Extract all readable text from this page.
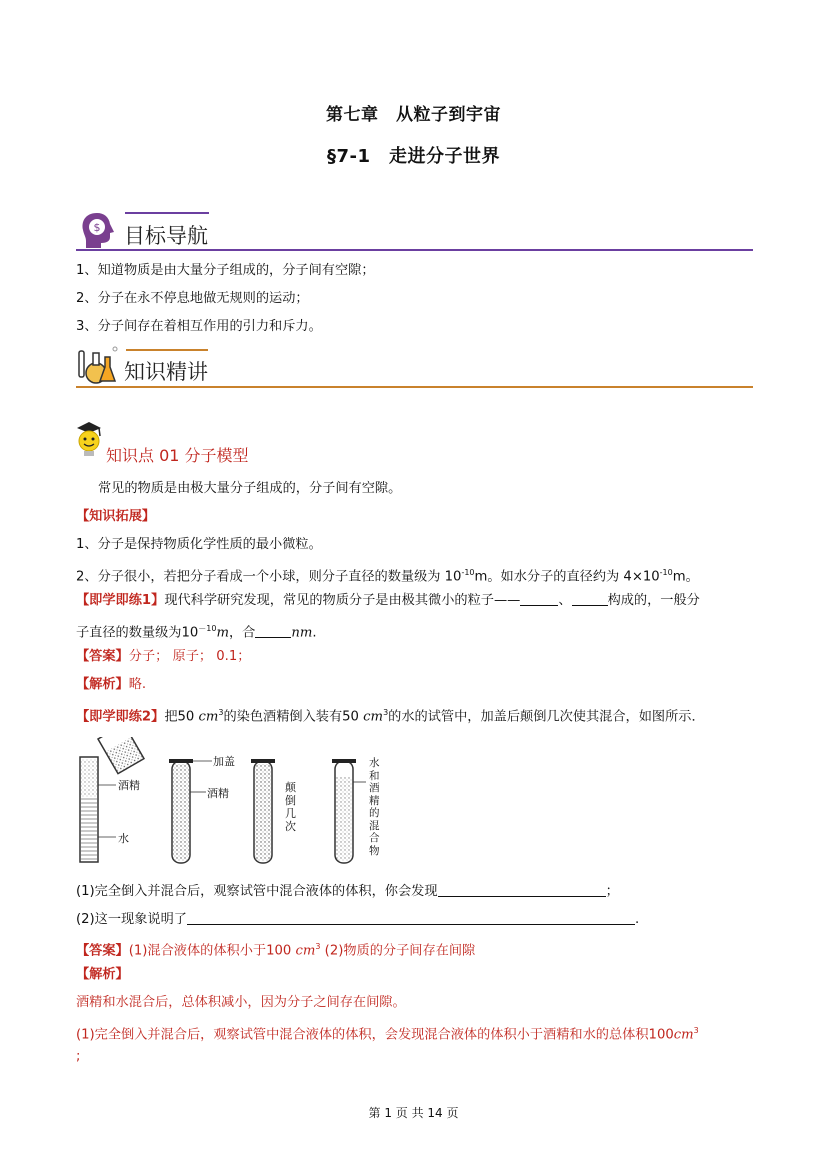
第七章　从粒子到宇宙
§7-1　走进分子世界
$ 目标导航
1、知道物质是由大量分子组成的，分子间有空隙；
2、分子在永不停息地做无规则的运动；
3、分子间存在着相互作用的引力和斥力。
知识精讲
知识点 01 分子模型
常见的物质是由极大量分子组成的，分子间有空隙。
【知识拓展】
1、分子是保持物质化学性质的最小微粒。
2、分子很小，若把分子看成一个小球，则分子直径的数量级为 $10^{-10}m$。如水分子的直径约为 $4\times 10^{-10}m$。
【即学即练1】现代科学研究发现，常见的物质分子是由极其微小的粒子——	、	构成的，一般分
子直径的数量级为$10^{-10}m$，合	nm.
【答案】分子； 原子； 0.1；
【解析】略.
【即学即练2】把50 $cm^3$的染色酒精倒入装有50 $cm^3$的水的试管中，加盖后颠倒几次使其混合，如图所示．
加盖
酒精
水
酒精	颠倒几次
水和酒精的混合物
(1)完全倒入并混合后，观察试管中混合液体的体积，你会发现	；
(2)这一现象说明了	.
【答案】(1)混合液体的体积小于100 $cm^3$ (2)物质的分子间存在间隙
【解析】
酒精和水混合后，总体积减小，因为分子之间存在间隙。
(1)完全倒入并混合后，观察试管中混合液体的体积，会发现混合液体的体积小于酒精和水的总体积$100cm^3$
;
第 1 页 共 14 页
